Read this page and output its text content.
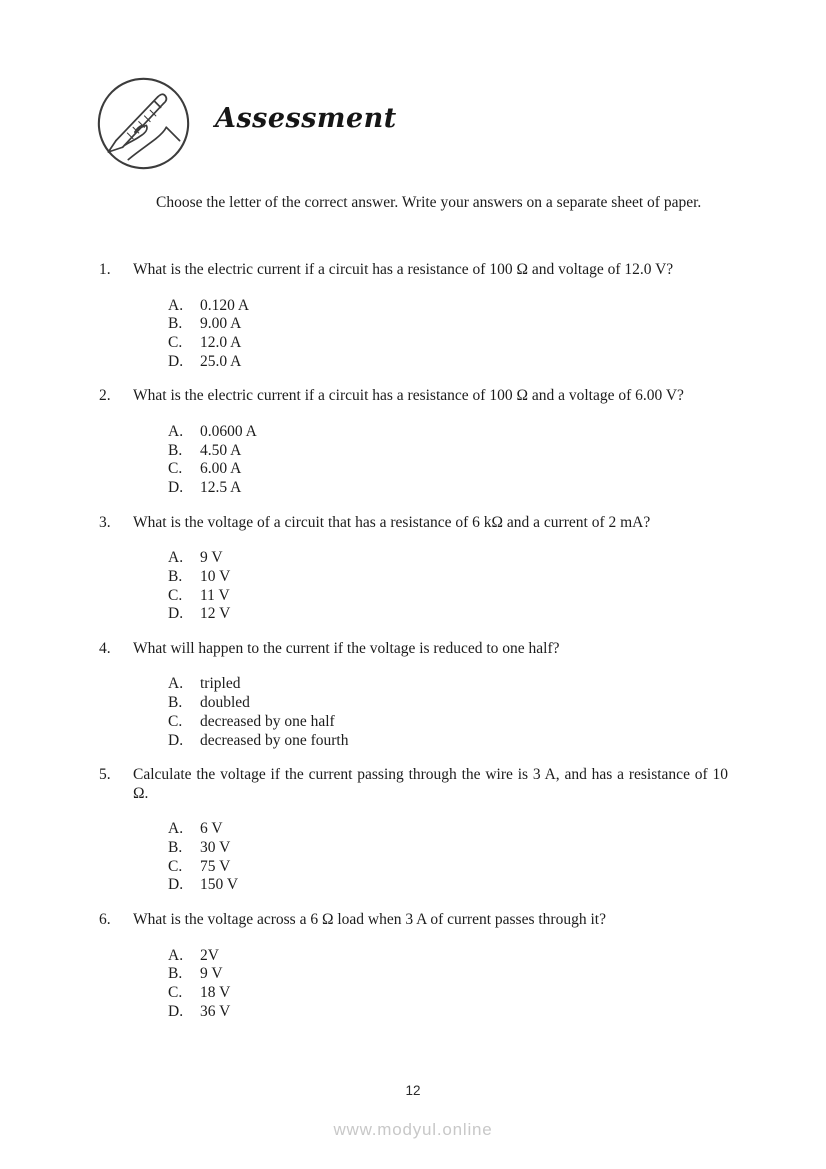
Assessment
Choose the letter of the correct answer. Write your answers on a separate sheet of paper.
1.	What is the electric current if a circuit has a resistance of 100 Ω and voltage of 12.0 V?
A.	0.120 A
B.	9.00 A
C.	12.0 A
D.	25.0 A
2.	What is the electric current if a circuit has a resistance of 100 Ω and a voltage of 6.00 V?
A.	0.0600 A
B.	4.50 A
C.	6.00 A
D.	12.5 A
3.	What is the voltage of a circuit that has a resistance of 6 kΩ and a current of 2 mA?
A.	9 V
B.	10 V
C.	11 V
D.	12 V
4.	What will happen to the current if the voltage is reduced to one half?
A.	tripled
B.	doubled
C.	decreased by one half
D.	decreased by one fourth
5.	Calculate the voltage if the current passing through the wire is 3 A, and has a resistance of 10 Ω.
A.	6 V
B.	30 V
C.	75 V
D.	150 V
6.	What is the voltage across a 6 Ω load when 3 A of current passes through it?
A.	2V
B.	9 V
C.	18 V
D.	36 V
12
www.modyul.online
